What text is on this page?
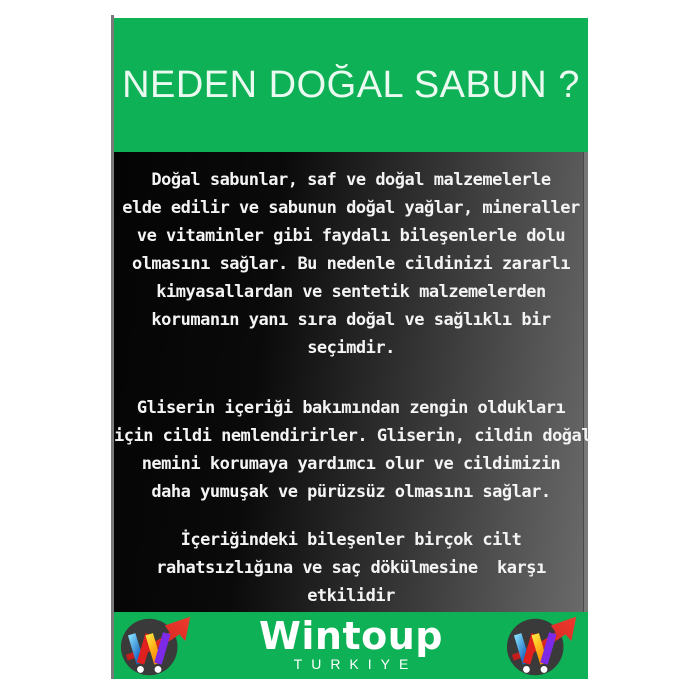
NEDEN DOĞAL SABUN ?
Doğal sabunlar, saf ve doğal malzemelerle
elde edilir ve sabunun doğal yağlar, mineraller
ve vitaminler gibi faydalı bileşenlerle dolu
olmasını sağlar. Bu nedenle cildinizi zararlı
kimyasallardan ve sentetik malzemelerden
korumanın yanı sıra doğal ve sağlıklı bir
seçimdir.
Gliserin içeriği bakımından zengin oldukları
için cildi nemlendirirler. Gliserin, cildin doğal
nemini korumaya yardımcı olur ve cildimizin
daha yumuşak ve pürüzsüz olmasını sağlar.
İçeriğindeki bileşenler birçok cilt
rahatsızlığına ve saç dökülmesine  karşı
etkilidir
Wintoup
TURKIYE
